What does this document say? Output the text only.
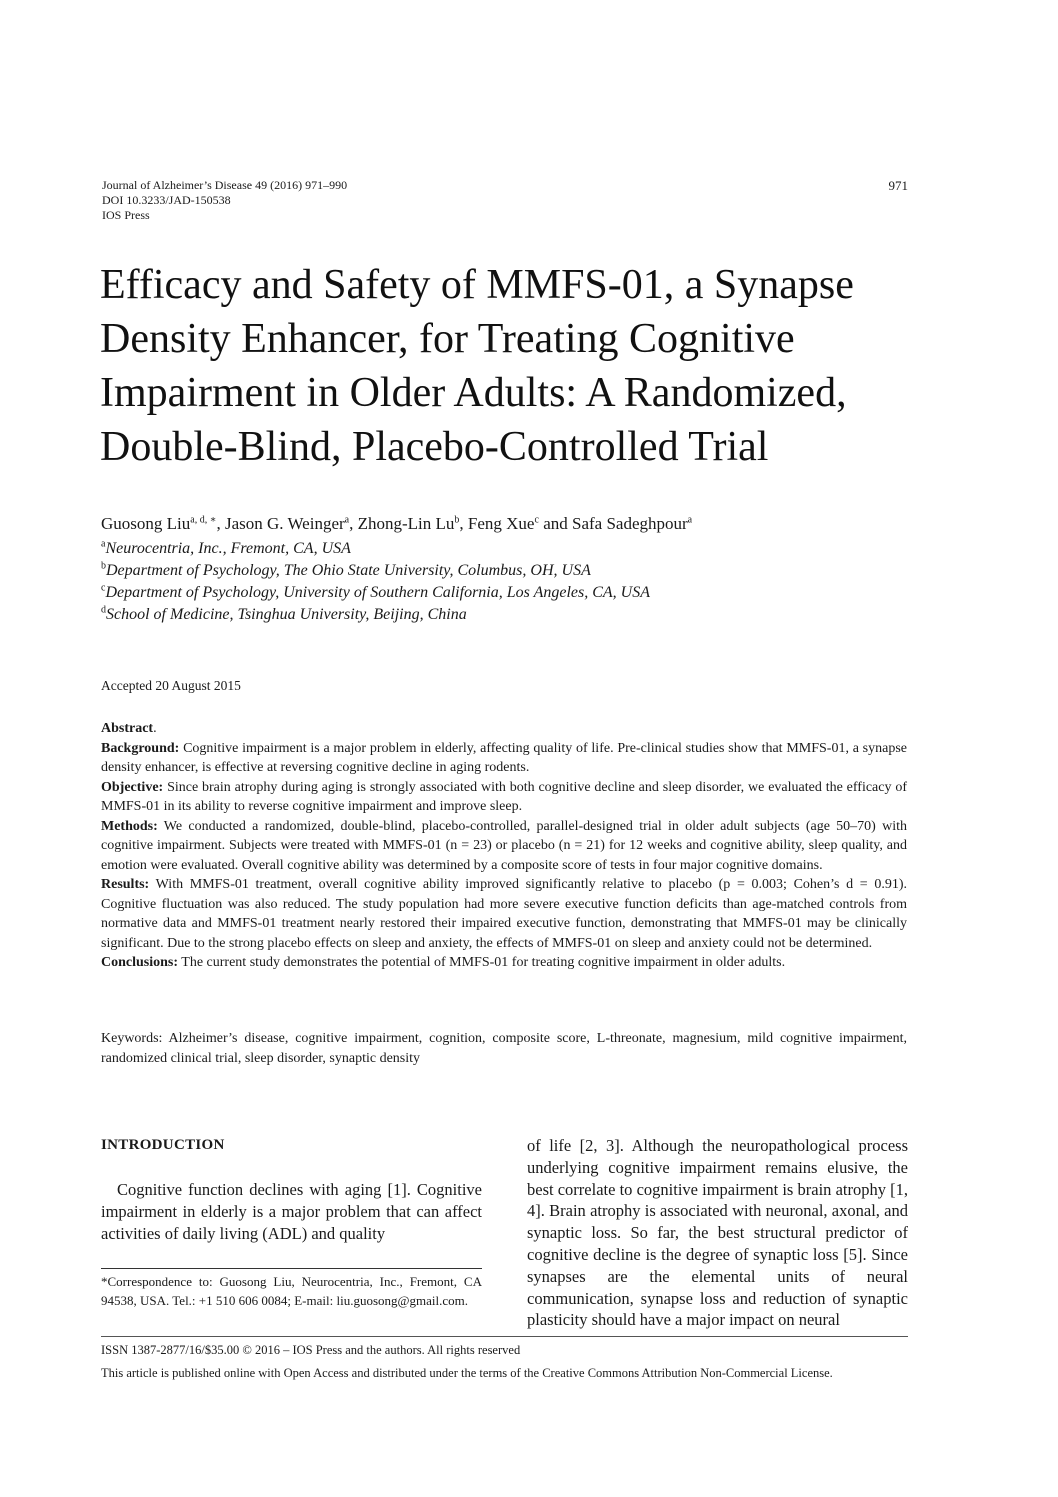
Journal of Alzheimer’s Disease 49 (2016) 971–990
DOI 10.3233/JAD-150538
IOS Press
971
Efficacy and Safety of MMFS-01, a Synapse Density Enhancer, for Treating Cognitive Impairment in Older Adults: A Randomized, Double-Blind, Placebo-Controlled Trial
Guosong Liu$^{a, d, ∗}$, Jason G. Weinger$^a$, Zhong-Lin Lu$^b$, Feng Xue$^c$ and Safa Sadeghpour$^a$
$^a$Neurocentria, Inc., Fremont, CA, USA
$^b$Department of Psychology, The Ohio State University, Columbus, OH, USA
$^c$Department of Psychology, University of Southern California, Los Angeles, CA, USA
$^d$School of Medicine, Tsinghua University, Beijing, China
Accepted 20 August 2015

Abstract.

Background: Cognitive impairment is a major problem in elderly, affecting quality of life. Pre-clinical studies show that MMFS-01, a synapse density enhancer, is effective at reversing cognitive decline in aging rodents.

Objective: Since brain atrophy during aging is strongly associated with both cognitive decline and sleep disorder, we evaluated the efficacy of MMFS-01 in its ability to reverse cognitive impairment and improve sleep.

Methods: We conducted a randomized, double-blind, placebo-controlled, parallel-designed trial in older adult subjects (age 50–70) with cognitive impairment. Subjects were treated with MMFS-01 (n = 23) or placebo (n = 21) for 12 weeks and cognitive ability, sleep quality, and emotion were evaluated. Overall cognitive ability was determined by a composite score of tests in four major cognitive domains.

Results: With MMFS-01 treatment, overall cognitive ability improved significantly relative to placebo (p = 0.003; Cohen’s d = 0.91). Cognitive fluctuation was also reduced. The study population had more severe executive function deficits than age-matched controls from normative data and MMFS-01 treatment nearly restored their impaired executive function, demonstrating that MMFS-01 may be clinically significant. Due to the strong placebo effects on sleep and anxiety, the effects of MMFS-01 on sleep and anxiety could not be determined.

Conclusions: The current study demonstrates the potential of MMFS-01 for treating cognitive impairment in older adults.

Keywords: Alzheimer’s disease, cognitive impairment, cognition, composite score, L-threonate, magnesium, mild cognitive impairment, randomized clinical trial, sleep disorder, synaptic density
INTRODUCTION
Cognitive function declines with aging [1]. Cognitive impairment in elderly is a major problem that can affect activities of daily living (ADL) and quality
of life [2, 3]. Although the neuropathological process underlying cognitive impairment remains elusive, the best correlate to cognitive impairment is brain atrophy [1, 4]. Brain atrophy is associated with neuronal, axonal, and synaptic loss. So far, the best structural predictor of cognitive decline is the degree of synaptic loss [5]. Since synapses are the elemental units of neural communication, synapse loss and reduction of synaptic plasticity should have a major impact on neural
*Correspondence to: Guosong Liu, Neurocentria, Inc., Fremont, CA 94538, USA. Tel.: +1 510 606 0084; E-mail: liu.guosong@gmail.com.
ISSN 1387-2877/16/$35.00 © 2016 – IOS Press and the authors. All rights reserved
This article is published online with Open Access and distributed under the terms of the Creative Commons Attribution Non-Commercial License.
